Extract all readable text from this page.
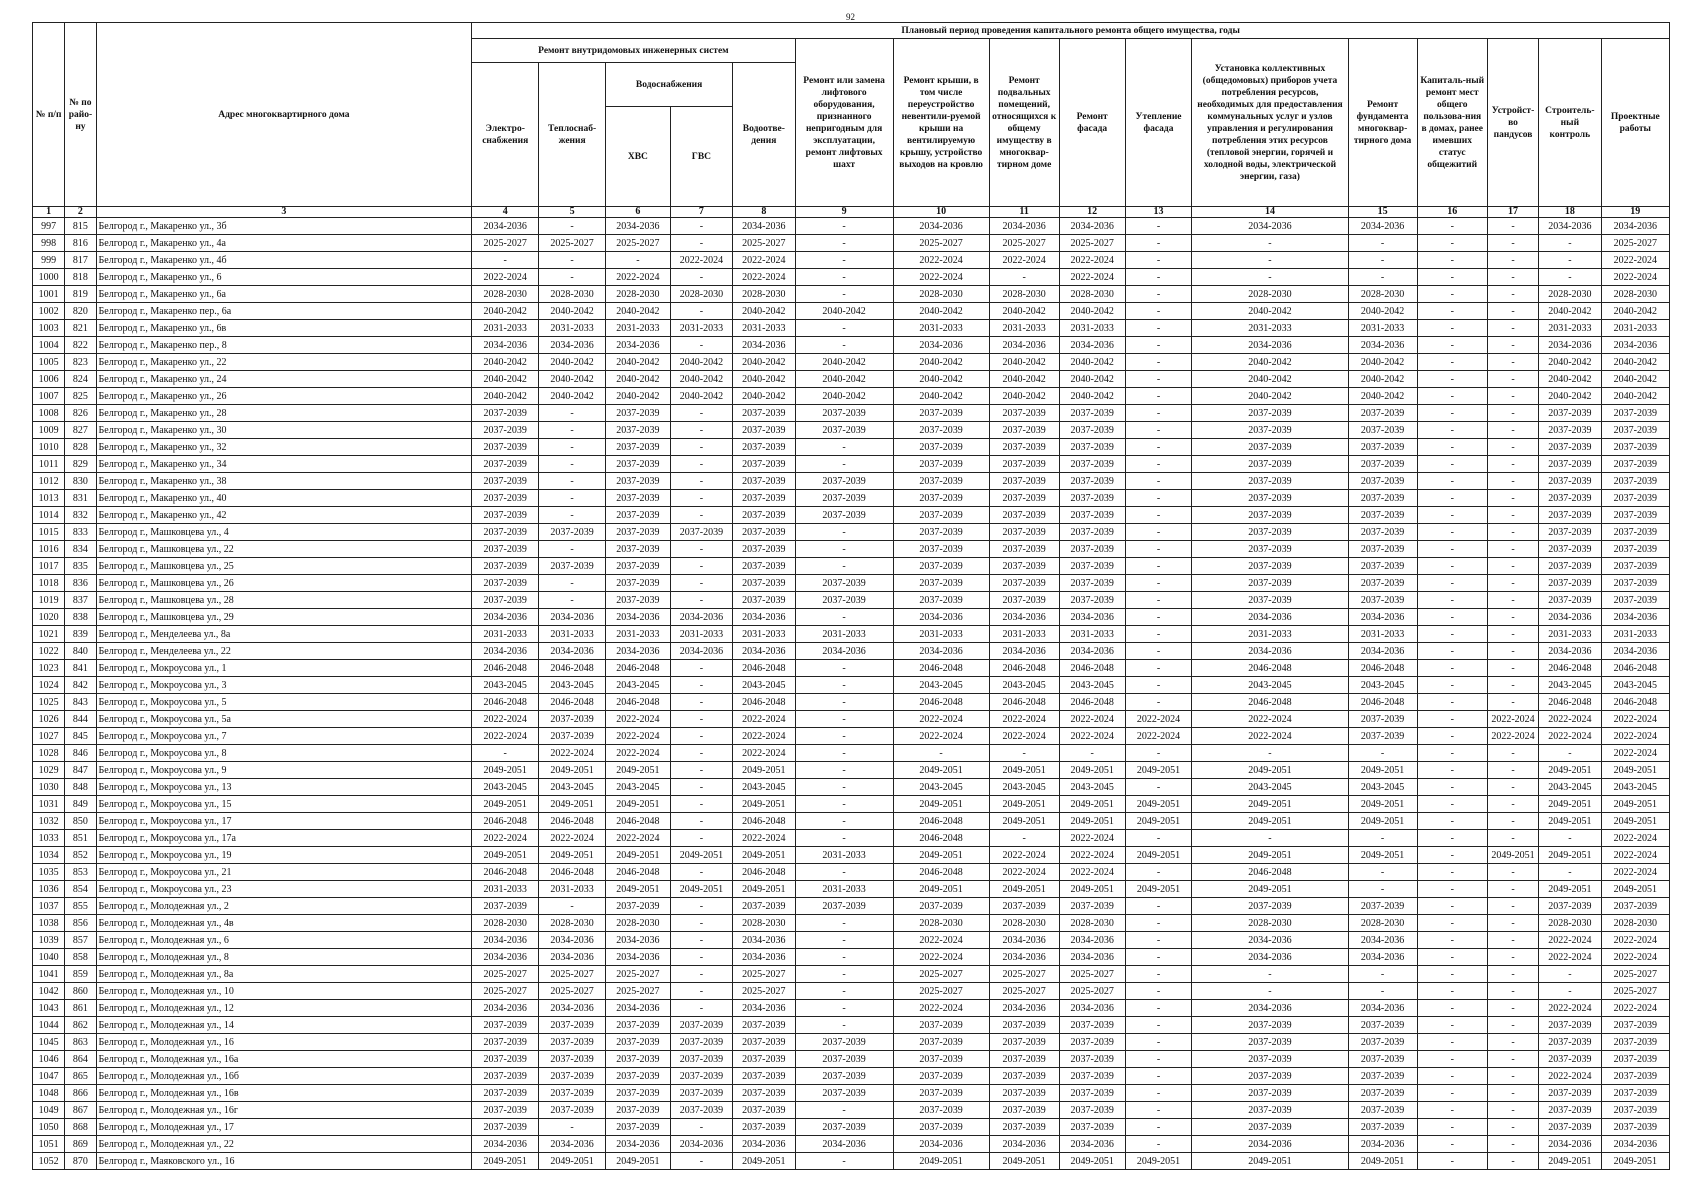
92
№ п/п	№ по райо-ну	Адрес многоквартирного дома	Плановый период проведения капитального ремонта общего имущества, годы															
			Ремонт внутридомовых инженерных систем					Ремонт или замена лифтового оборудования, признанного непригодным для эксплуатации, ремонт лифтовых шахт	Ремонт крыши, в том числе переустройство невентили-руемой крыши на вентилируемую крышу, устройство выходов на кровлю	Ремонт подвальных помещений, относящихся к общему имуществу в многоквар-тирном доме	Ремонт фасада	Утепление фасада	Установка коллективных (общедомовых) приборов учета потребления ресурсов, необходимых для предоставления коммунальных услуг и узлов управления и регулирования потребления этих ресурсов (тепловой энергии, горячей и холодной воды, электрической энергии, газа)	Ремонт фундамента многоквар-тирного дома	Капиталь-ный ремонт мест общего пользова-ния в домах, ранее имевших статус общежитий	Устройст-во пандусов	Строитель-ный контроль	Проектные работы
			Электро-снабжения	Теплоснаб-жения	Водоснабжения		Водоотве-дения											
					ХВС	ГВС												
1	2	3	4	5	6	7	8	9	10	11	12	13	14	15	16	17	18	19
997	815	Белгород г., Макаренко ул., 3б	2034-2036	-	2034-2036	-	2034-2036	-	2034-2036	2034-2036	2034-2036	-	2034-2036	2034-2036	-	-	2034-2036	2034-2036
998	816	Белгород г., Макаренко ул., 4а	2025-2027	2025-2027	2025-2027	-	2025-2027	-	2025-2027	2025-2027	2025-2027	-	-	-	-	-	-	2025-2027
999	817	Белгород г., Макаренко ул., 4б	-	-	-	2022-2024	2022-2024	-	2022-2024	2022-2024	2022-2024	-	-	-	-	-	-	2022-2024
1000	818	Белгород г., Макаренко ул., 6	2022-2024	-	2022-2024	-	2022-2024	-	2022-2024	-	2022-2024	-	-	-	-	-	-	2022-2024
1001	819	Белгород г., Макаренко ул., 6а	2028-2030	2028-2030	2028-2030	2028-2030	2028-2030	-	2028-2030	2028-2030	2028-2030	-	2028-2030	2028-2030	-	-	2028-2030	2028-2030
1002	820	Белгород г., Макаренко пер., 6а	2040-2042	2040-2042	2040-2042	-	2040-2042	2040-2042	2040-2042	2040-2042	2040-2042	-	2040-2042	2040-2042	-	-	2040-2042	2040-2042
1003	821	Белгород г., Макаренко ул., 6в	2031-2033	2031-2033	2031-2033	2031-2033	2031-2033	-	2031-2033	2031-2033	2031-2033	-	2031-2033	2031-2033	-	-	2031-2033	2031-2033
1004	822	Белгород г., Макаренко пер., 8	2034-2036	2034-2036	2034-2036	-	2034-2036	-	2034-2036	2034-2036	2034-2036	-	2034-2036	2034-2036	-	-	2034-2036	2034-2036
1005	823	Белгород г., Макаренко ул., 22	2040-2042	2040-2042	2040-2042	2040-2042	2040-2042	2040-2042	2040-2042	2040-2042	2040-2042	-	2040-2042	2040-2042	-	-	2040-2042	2040-2042
1006	824	Белгород г., Макаренко ул., 24	2040-2042	2040-2042	2040-2042	2040-2042	2040-2042	2040-2042	2040-2042	2040-2042	2040-2042	-	2040-2042	2040-2042	-	-	2040-2042	2040-2042
1007	825	Белгород г., Макаренко ул., 26	2040-2042	2040-2042	2040-2042	2040-2042	2040-2042	2040-2042	2040-2042	2040-2042	2040-2042	-	2040-2042	2040-2042	-	-	2040-2042	2040-2042
1008	826	Белгород г., Макаренко ул., 28	2037-2039	-	2037-2039	-	2037-2039	2037-2039	2037-2039	2037-2039	2037-2039	-	2037-2039	2037-2039	-	-	2037-2039	2037-2039
1009	827	Белгород г., Макаренко ул., 30	2037-2039	-	2037-2039	-	2037-2039	2037-2039	2037-2039	2037-2039	2037-2039	-	2037-2039	2037-2039	-	-	2037-2039	2037-2039
1010	828	Белгород г., Макаренко ул., 32	2037-2039	-	2037-2039	-	2037-2039	-	2037-2039	2037-2039	2037-2039	-	2037-2039	2037-2039	-	-	2037-2039	2037-2039
1011	829	Белгород г., Макаренко ул., 34	2037-2039	-	2037-2039	-	2037-2039	-	2037-2039	2037-2039	2037-2039	-	2037-2039	2037-2039	-	-	2037-2039	2037-2039
1012	830	Белгород г., Макаренко ул., 38	2037-2039	-	2037-2039	-	2037-2039	2037-2039	2037-2039	2037-2039	2037-2039	-	2037-2039	2037-2039	-	-	2037-2039	2037-2039
1013	831	Белгород г., Макаренко ул., 40	2037-2039	-	2037-2039	-	2037-2039	2037-2039	2037-2039	2037-2039	2037-2039	-	2037-2039	2037-2039	-	-	2037-2039	2037-2039
1014	832	Белгород г., Макаренко ул., 42	2037-2039	-	2037-2039	-	2037-2039	2037-2039	2037-2039	2037-2039	2037-2039	-	2037-2039	2037-2039	-	-	2037-2039	2037-2039
1015	833	Белгород г., Машковцева ул., 4	2037-2039	2037-2039	2037-2039	2037-2039	2037-2039	-	2037-2039	2037-2039	2037-2039	-	2037-2039	2037-2039	-	-	2037-2039	2037-2039
1016	834	Белгород г., Машковцева ул., 22	2037-2039	-	2037-2039	-	2037-2039	-	2037-2039	2037-2039	2037-2039	-	2037-2039	2037-2039	-	-	2037-2039	2037-2039
1017	835	Белгород г., Машковцева ул., 25	2037-2039	2037-2039	2037-2039	-	2037-2039	-	2037-2039	2037-2039	2037-2039	-	2037-2039	2037-2039	-	-	2037-2039	2037-2039
1018	836	Белгород г., Машковцева ул., 26	2037-2039	-	2037-2039	-	2037-2039	2037-2039	2037-2039	2037-2039	2037-2039	-	2037-2039	2037-2039	-	-	2037-2039	2037-2039
1019	837	Белгород г., Машковцева ул., 28	2037-2039	-	2037-2039	-	2037-2039	2037-2039	2037-2039	2037-2039	2037-2039	-	2037-2039	2037-2039	-	-	2037-2039	2037-2039
1020	838	Белгород г., Машковцева ул., 29	2034-2036	2034-2036	2034-2036	2034-2036	2034-2036	-	2034-2036	2034-2036	2034-2036	-	2034-2036	2034-2036	-	-	2034-2036	2034-2036
1021	839	Белгород г., Менделеева ул., 8а	2031-2033	2031-2033	2031-2033	2031-2033	2031-2033	2031-2033	2031-2033	2031-2033	2031-2033	-	2031-2033	2031-2033	-	-	2031-2033	2031-2033
1022	840	Белгород г., Менделеева ул., 22	2034-2036	2034-2036	2034-2036	2034-2036	2034-2036	2034-2036	2034-2036	2034-2036	2034-2036	-	2034-2036	2034-2036	-	-	2034-2036	2034-2036
1023	841	Белгород г., Мокроусова ул., 1	2046-2048	2046-2048	2046-2048	-	2046-2048	-	2046-2048	2046-2048	2046-2048	-	2046-2048	2046-2048	-	-	2046-2048	2046-2048
1024	842	Белгород г., Мокроусова ул., 3	2043-2045	2043-2045	2043-2045	-	2043-2045	-	2043-2045	2043-2045	2043-2045	-	2043-2045	2043-2045	-	-	2043-2045	2043-2045
1025	843	Белгород г., Мокроусова ул., 5	2046-2048	2046-2048	2046-2048	-	2046-2048	-	2046-2048	2046-2048	2046-2048	-	2046-2048	2046-2048	-	-	2046-2048	2046-2048
1026	844	Белгород г., Мокроусова ул., 5а	2022-2024	2037-2039	2022-2024	-	2022-2024	-	2022-2024	2022-2024	2022-2024	2022-2024	2022-2024	2037-2039	-	2022-2024	2022-2024	2022-2024
1027	845	Белгород г., Мокроусова ул., 7	2022-2024	2037-2039	2022-2024	-	2022-2024	-	2022-2024	2022-2024	2022-2024	2022-2024	2022-2024	2037-2039	-	2022-2024	2022-2024	2022-2024
1028	846	Белгород г., Мокроусова ул., 8	-	2022-2024	2022-2024	-	2022-2024	-	-	-	-	-	-	-	-	-	-	2022-2024
1029	847	Белгород г., Мокроусова ул., 9	2049-2051	2049-2051	2049-2051	-	2049-2051	-	2049-2051	2049-2051	2049-2051	2049-2051	2049-2051	2049-2051	-	-	2049-2051	2049-2051
1030	848	Белгород г., Мокроусова ул., 13	2043-2045	2043-2045	2043-2045	-	2043-2045	-	2043-2045	2043-2045	2043-2045	-	2043-2045	2043-2045	-	-	2043-2045	2043-2045
1031	849	Белгород г., Мокроусова ул., 15	2049-2051	2049-2051	2049-2051	-	2049-2051	-	2049-2051	2049-2051	2049-2051	2049-2051	2049-2051	2049-2051	-	-	2049-2051	2049-2051
1032	850	Белгород г., Мокроусова ул., 17	2046-2048	2046-2048	2046-2048	-	2046-2048	-	2046-2048	2049-2051	2049-2051	2049-2051	2049-2051	2049-2051	-	-	2049-2051	2049-2051
1033	851	Белгород г., Мокроусова ул., 17а	2022-2024	2022-2024	2022-2024	-	2022-2024	-	2046-2048	-	2022-2024	-	-	-	-	-	-	2022-2024
1034	852	Белгород г., Мокроусова ул., 19	2049-2051	2049-2051	2049-2051	2049-2051	2049-2051	2031-2033	2049-2051	2022-2024	2022-2024	2049-2051	2049-2051	2049-2051	-	2049-2051	2049-2051	2022-2024
1035	853	Белгород г., Мокроусова ул., 21	2046-2048	2046-2048	2046-2048	-	2046-2048	-	2046-2048	2022-2024	2022-2024	-	2046-2048	-	-	-	-	2022-2024
1036	854	Белгород г., Мокроусова ул., 23	2031-2033	2031-2033	2049-2051	2049-2051	2049-2051	2031-2033	2049-2051	2049-2051	2049-2051	2049-2051	2049-2051	-	-	-	2049-2051	2049-2051
1037	855	Белгород г., Молодежная ул., 2	2037-2039	-	2037-2039	-	2037-2039	2037-2039	2037-2039	2037-2039	2037-2039	-	2037-2039	2037-2039	-	-	2037-2039	2037-2039
1038	856	Белгород г., Молодежная ул., 4в	2028-2030	2028-2030	2028-2030	-	2028-2030	-	2028-2030	2028-2030	2028-2030	-	2028-2030	2028-2030	-	-	2028-2030	2028-2030
1039	857	Белгород г., Молодежная ул., 6	2034-2036	2034-2036	2034-2036	-	2034-2036	-	2022-2024	2034-2036	2034-2036	-	2034-2036	2034-2036	-	-	2022-2024	2022-2024
1040	858	Белгород г., Молодежная ул., 8	2034-2036	2034-2036	2034-2036	-	2034-2036	-	2022-2024	2034-2036	2034-2036	-	2034-2036	2034-2036	-	-	2022-2024	2022-2024
1041	859	Белгород г., Молодежная ул., 8а	2025-2027	2025-2027	2025-2027	-	2025-2027	-	2025-2027	2025-2027	2025-2027	-	-	-	-	-	-	2025-2027
1042	860	Белгород г., Молодежная ул., 10	2025-2027	2025-2027	2025-2027	-	2025-2027	-	2025-2027	2025-2027	2025-2027	-	-	-	-	-	-	2025-2027
1043	861	Белгород г., Молодежная ул., 12	2034-2036	2034-2036	2034-2036	-	2034-2036	-	2022-2024	2034-2036	2034-2036	-	2034-2036	2034-2036	-	-	2022-2024	2022-2024
1044	862	Белгород г., Молодежная ул., 14	2037-2039	2037-2039	2037-2039	2037-2039	2037-2039	-	2037-2039	2037-2039	2037-2039	-	2037-2039	2037-2039	-	-	2037-2039	2037-2039
1045	863	Белгород г., Молодежная ул., 16	2037-2039	2037-2039	2037-2039	2037-2039	2037-2039	2037-2039	2037-2039	2037-2039	2037-2039	-	2037-2039	2037-2039	-	-	2037-2039	2037-2039
1046	864	Белгород г., Молодежная ул., 16а	2037-2039	2037-2039	2037-2039	2037-2039	2037-2039	2037-2039	2037-2039	2037-2039	2037-2039	-	2037-2039	2037-2039	-	-	2037-2039	2037-2039
1047	865	Белгород г., Молодежная ул., 16б	2037-2039	2037-2039	2037-2039	2037-2039	2037-2039	2037-2039	2037-2039	2037-2039	2037-2039	-	2037-2039	2037-2039	-	-	2022-2024	2037-2039
1048	866	Белгород г., Молодежная ул., 16в	2037-2039	2037-2039	2037-2039	2037-2039	2037-2039	2037-2039	2037-2039	2037-2039	2037-2039	-	2037-2039	2037-2039	-	-	2037-2039	2037-2039
1049	867	Белгород г., Молодежная ул., 16г	2037-2039	2037-2039	2037-2039	2037-2039	2037-2039	-	2037-2039	2037-2039	2037-2039	-	2037-2039	2037-2039	-	-	2037-2039	2037-2039
1050	868	Белгород г., Молодежная ул., 17	2037-2039	-	2037-2039	-	2037-2039	2037-2039	2037-2039	2037-2039	2037-2039	-	2037-2039	2037-2039	-	-	2037-2039	2037-2039
1051	869	Белгород г., Молодежная ул., 22	2034-2036	2034-2036	2034-2036	2034-2036	2034-2036	2034-2036	2034-2036	2034-2036	2034-2036	-	2034-2036	2034-2036	-	-	2034-2036	2034-2036
1052	870	Белгород г., Маяковского ул., 16	2049-2051	2049-2051	2049-2051	-	2049-2051	-	2049-2051	2049-2051	2049-2051	2049-2051	2049-2051	2049-2051	-	-	2049-2051	2049-2051
